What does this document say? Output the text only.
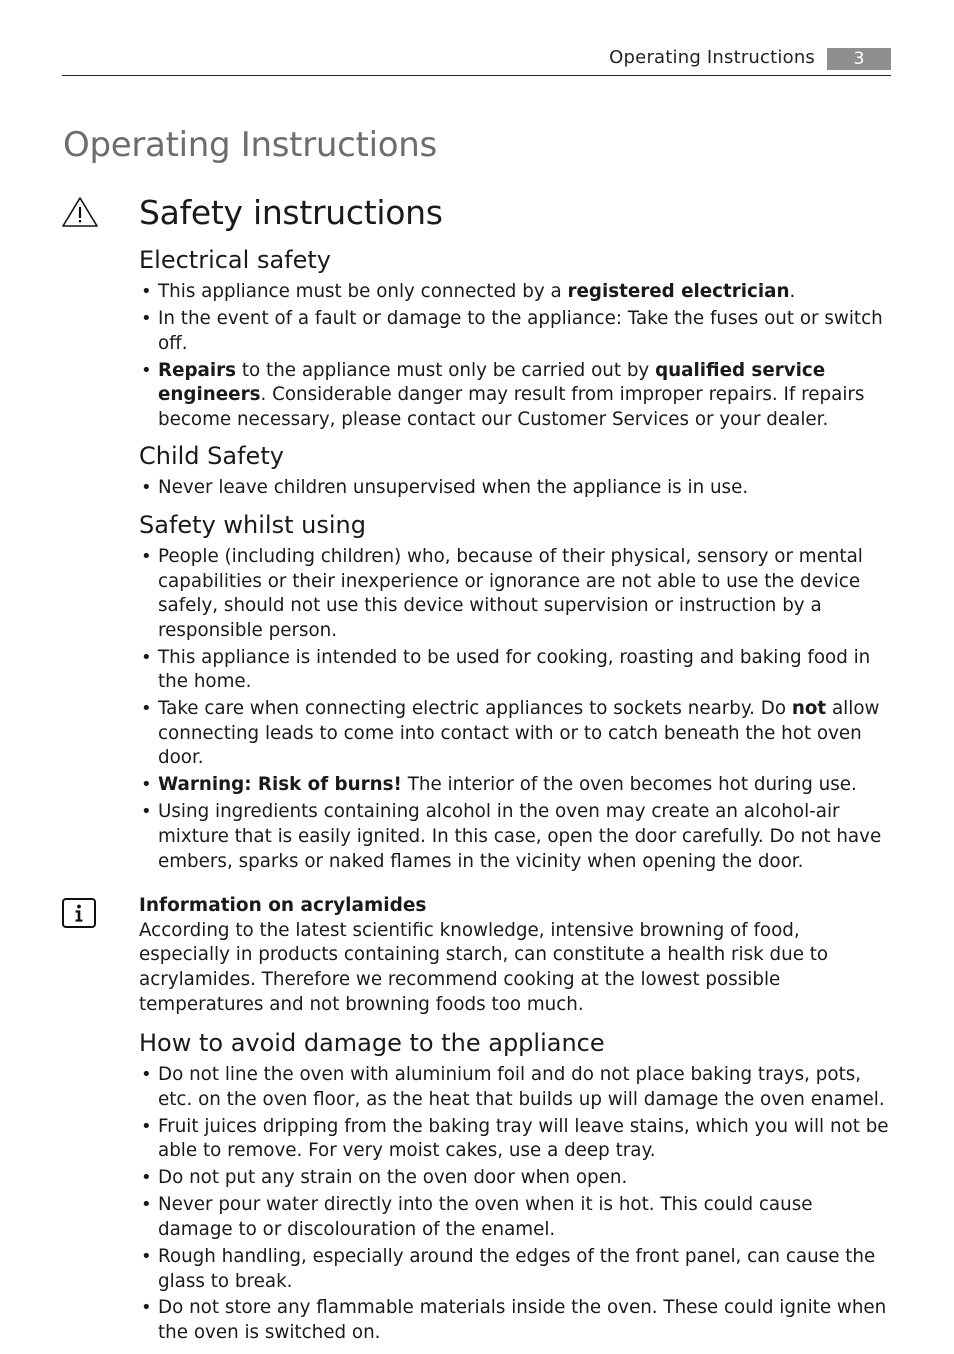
Operating Instructions	3
Operating Instructions
Safety instructions
Electrical safety
• This appliance must be only connected by a registered electrician.
• In the event of a fault or damage to the appliance: Take the fuses out or switch off.
• Repairs to the appliance must only be carried out by qualified service engineers. Considerable danger may result from improper repairs. If repairs become necessary, please contact our Customer Services or your dealer.
Child Safety
• Never leave children unsupervised when the appliance is in use.
Safety whilst using
• People (including children) who, because of their physical, sensory or mental capabilities or their inexperience or ignorance are not able to use the device safely, should not use this device without supervision or instruction by a responsible person.
• This appliance is intended to be used for cooking, roasting and baking food in the home.
• Take care when connecting electric appliances to sockets nearby. Do not allow connecting leads to come into contact with or to catch beneath the hot oven door.
• Warning: Risk of burns! The interior of the oven becomes hot during use.
• Using ingredients containing alcohol in the oven may create an alcohol-air mixture that is easily ignited. In this case, open the door carefully. Do not have embers, sparks or naked flames in the vicinity when opening the door.

Information on acrylamides

According to the latest scientific knowledge, intensive browning of food, especially in products containing starch, can constitute a health risk due to acrylamides. Therefore we recommend cooking at the lowest possible temperatures and not browning foods too much.

How to avoid damage to the appliance
• Do not line the oven with aluminium foil and do not place baking trays, pots, etc. on the oven floor, as the heat that builds up will damage the oven enamel.
• Fruit juices dripping from the baking tray will leave stains, which you will not be able to remove. For very moist cakes, use a deep tray.
• Do not put any strain on the oven door when open.
• Never pour water directly into the oven when it is hot. This could cause damage to or discolouration of the enamel.
• Rough handling, especially around the edges of the front panel, can cause the glass to break.
• Do not store any flammable materials inside the oven. These could ignite when the oven is switched on.
